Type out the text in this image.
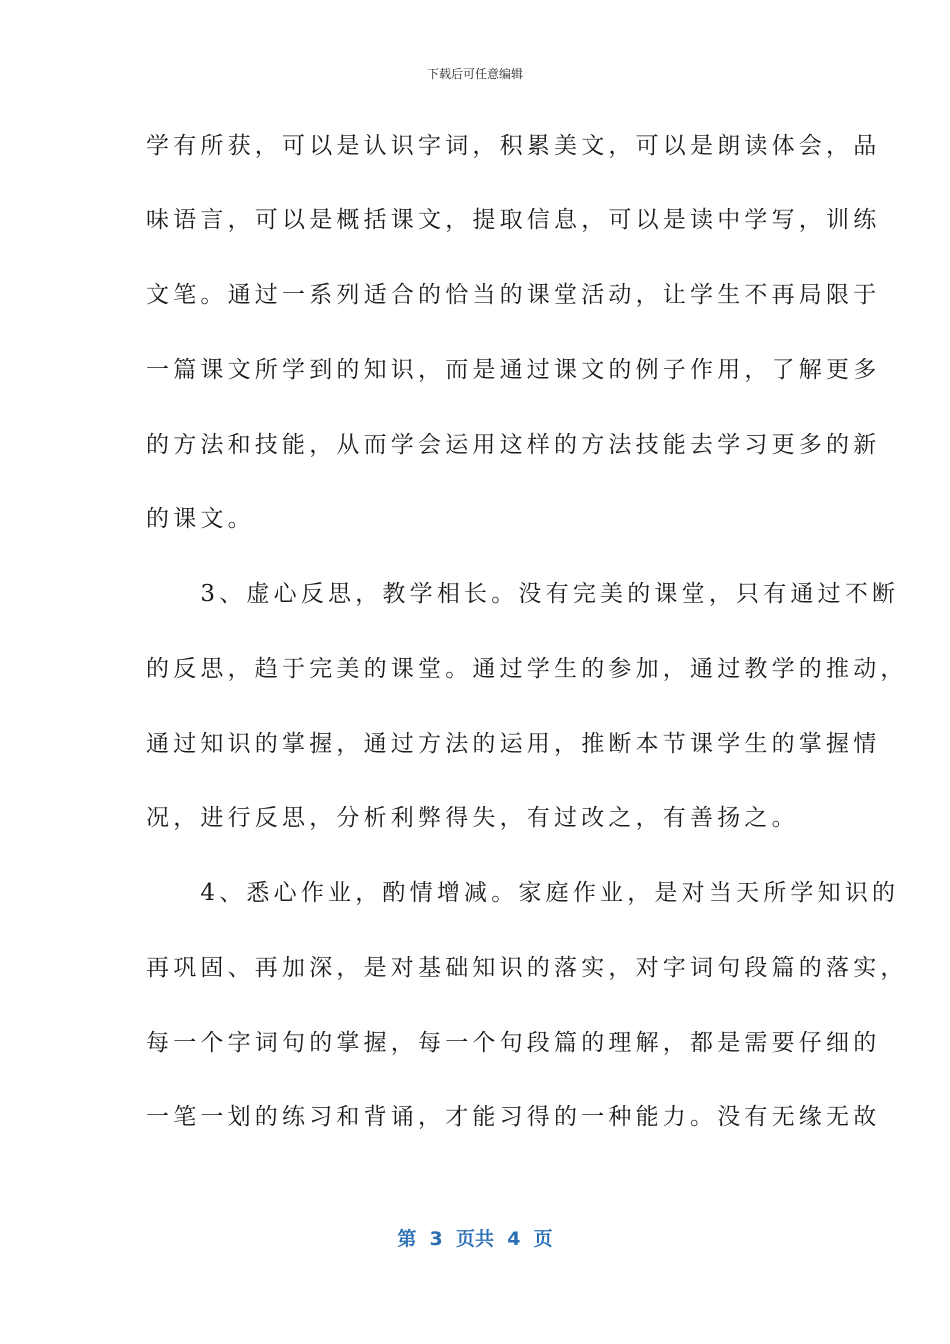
下载后可任意编辑
学有所获，可以是认识字词，积累美文，可以是朗读体会，品
味语言，可以是概括课文，提取信息，可以是读中学写，训练
文笔。通过一系列适合的恰当的课堂活动，让学生不再局限于
一篇课文所学到的知识，而是通过课文的例子作用，了解更多
的方法和技能，从而学会运用这样的方法技能去学习更多的新
的课文。
　　3、虚心反思，教学相长。没有完美的课堂，只有通过不断
的反思，趋于完美的课堂。通过学生的参加，通过教学的推动，
通过知识的掌握，通过方法的运用，推断本节课学生的掌握情
况，进行反思，分析利弊得失，有过改之，有善扬之。
　　4、悉心作业，酌情增减。家庭作业，是对当天所学知识的
再巩固、再加深，是对基础知识的落实，对字词句段篇的落实，
每一个字词句的掌握，每一个句段篇的理解，都是需要仔细的
一笔一划的练习和背诵，才能习得的一种能力。没有无缘无故
第  3  页共  4  页
